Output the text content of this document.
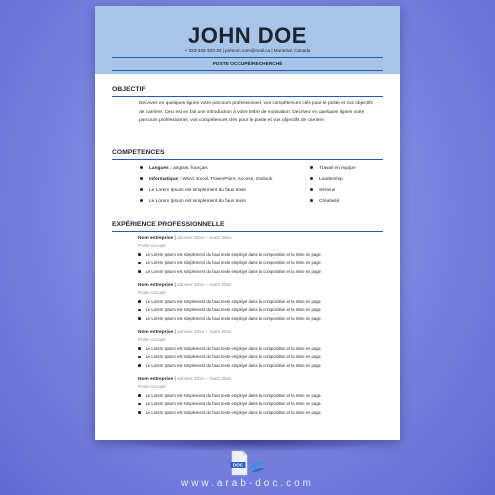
JOHN DOE
+ 333-333-333-33 | prénom.nom@mail.ca | Montréal, Canada
POSTE OCCUPÉ/RECHERCHÉ
OBJECTIF
Décrivez en quelques lignes votre parcours professionnel, vos compétences clés pour le poste et vos objectifs
de carrière. Ceci est en fait une introduction à votre lettre de motivation. Décrivez en quelques lignes votre
parcours professionnel, vos compétences clés pour le poste et vos objectifs de carrière.
COMPETENCES
Langues : anglais, français
Informatique : Word, Excel, PowerPoint, Access, Outlook
Le Lorem Ipsum est simplement du faux texte
Le Lorem Ipsum est simplement du faux texte
Travail en équipe
Leadership
Sérieux
Créativité
EXPÉRIENCE PROFESSIONNELLE
Nom entreprise | Janvier 20xx – mars 20xx
Poste occupé
Le Lorem Ipsum est simplement du faux texte employé dans la composition et la mise en page
Le Lorem Ipsum est simplement du faux texte employé dans la composition et la mise en page
Le Lorem Ipsum est simplement du faux texte employé dans la composition et la mise en page
Nom entreprise | Janvier 20xx – mars 20xx
Poste occupé
Le Lorem Ipsum est simplement du faux texte employé dans la composition et la mise en page
Le Lorem Ipsum est simplement du faux texte employé dans la composition et la mise en page
Le Lorem Ipsum est simplement du faux texte employé dans la composition et la mise en page
Nom entreprise | Janvier 20xx – mars 20xx
Poste occupé
Le Lorem Ipsum est simplement du faux texte employé dans la composition et la mise en page
Le Lorem Ipsum est simplement du faux texte employé dans la composition et la mise en page
Le Lorem Ipsum est simplement du faux texte employé dans la composition et la mise en page
Nom entreprise | Janvier 20xx – mars 20xx
Poste occupé
Le Lorem Ipsum est simplement du faux texte employé dans la composition et la mise en page
Le Lorem Ipsum est simplement du faux texte employé dans la composition et la mise en page
Le Lorem Ipsum est simplement du faux texte employé dans la composition et la mise en page
DOC
www.arab-doc.com
